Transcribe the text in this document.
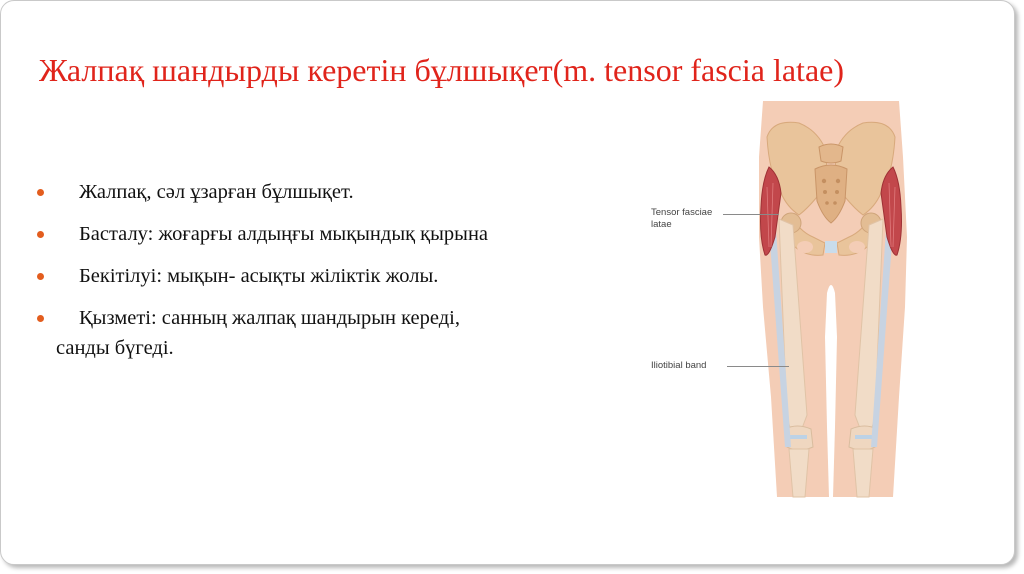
Жалпақ шандырды керетін бұлшықет(m. tensor fascia latae)
Жалпақ, сәл ұзарған бұлшықет.
Басталу: жоғарғы алдыңғы мықындық қырына
Бекітілуі: мықын- асықты жіліктік жолы.
Қызметі: санның жалпақ шандырын кереді,
санды бүгеді.
Tensor fasciae latae
Iliotibial band
